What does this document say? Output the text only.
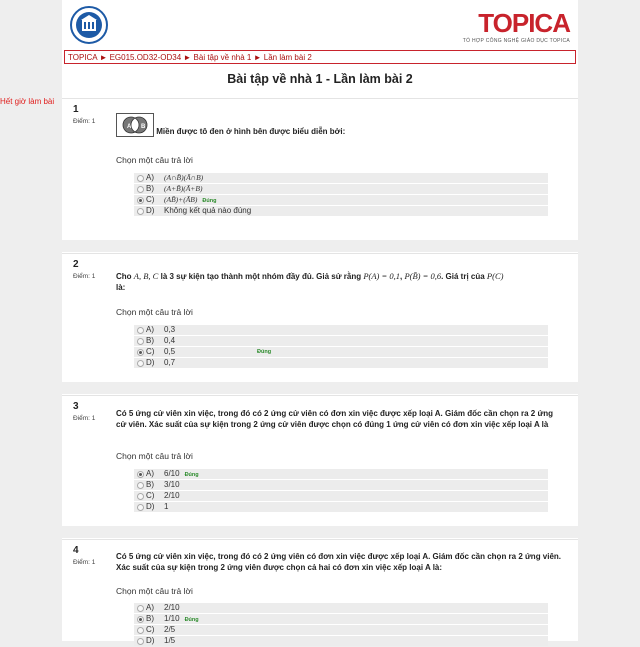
TOPICA
TỔ HỢP CÔNG NGHỆ GIÁO DỤC TOPICA
TOPICA ► EG015.OD32-OD34 ► Bài tập về nhà 1 ► Lần làm bài 2
Bài tập về nhà 1 - Lần làm bài 2
1
Điểm: 1
A B
Miền được tô đen ở hình bên được biểu diễn bởi:
Chọn một câu trả lời
A) (A∩B̄)(Ā∩B)
B) (A+B̄)(Ā+B)
C) (AB̄)+(ĀB) Đúng
D) Không kết quả nào đúng
2
Điểm: 1	Cho A, B, C là 3 sự kiện tạo thành một nhóm đầy đủ. Giả sử rằng P(A) = 0,1, P(B̄) = 0,6. Giá trị của P(C)
là:
Chọn một câu trả lời
A) 0,3
B) 0,4
C) 0,5	Đúng
D) 0,7
3
Điểm: 1
Có 5 ứng cử viên xin việc, trong đó có 2 ứng cử viên có đơn xin việc được xếp loại A. Giám đốc cần chọn ra 2 ứng cử viên. Xác suất của sự kiện trong 2 ứng cử viên được chọn có đúng 1 ứng cử viên có đơn xin việc xếp loại A là
Chọn một câu trả lời
A) 6/10 Đúng
B) 3/10
C) 2/10
D) 1
4
Điểm: 1
Có 5 ứng cử viên xin việc, trong đó có 2 ứng viên có đơn xin việc được xếp loại A. Giám đốc cần chọn ra 2 ứng viên. Xác suất của sự kiện trong 2 ứng viên được chọn cả hai có đơn xin việc xếp loại A là:
Chọn một câu trả lời
A) 2/10
B) 1/10 Đúng
C) 2/5
D) 1/5
Hết giờ làm bài
